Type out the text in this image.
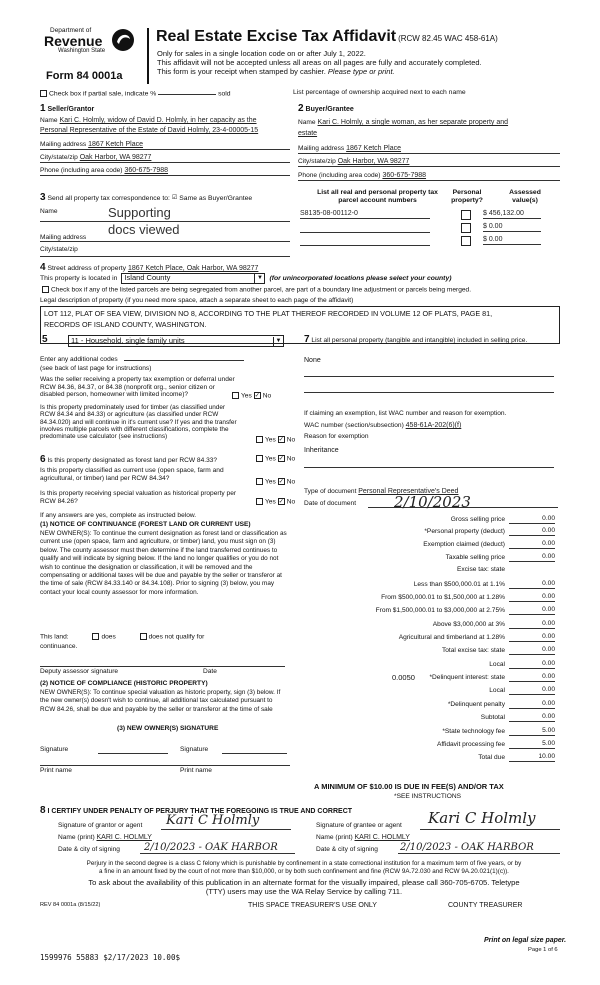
Department of
Revenue
Washington State
Form 84 0001a
Real Estate Excise Tax Affidavit (RCW 82.45 WAC 458-61A)
Only for sales in a single location code on or after July 1, 2022.
This affidavit will not be accepted unless all areas on all pages are fully and accurately completed.
This form is your receipt when stamped by cashier. Please type or print.
Check box if partial sale, indicate %	sold	List percentage of ownership acquired next to each name
1 Seller/Grantor
Name Kari C. Holmly, widow of David D. Holmly, in her capacity as the
Personal Representative of the Estate of David Holmly, 23-4-00005-15
Mailing address 1867 Ketch Place
City/state/zip Oak Harbor, WA 98277
Phone (including area code) 360-675-7988
2 Buyer/Grantee
Name Kari C. Holmly, a single woman, as her separate property and
estate
Mailing address 1867 Ketch Place
City/state/zip Oak Harbor, WA 98277
Phone (including area code) 360-675-7988
3 Send all property tax correspondence to: ☑ Same as Buyer/Grantee
Name	Supporting
Mailing address
docs viewed
City/state/zip
List all real and personal property tax
parcel account numbers
Personal
property?
Assessed
value(s)
S8135-08-00112-0	$ 456,132.00
$ 0.00
$ 0.00
4 Street address of property 1867 Ketch Place, Oak Harbor, WA 98277
This property is located in Island County	▼ (for unincorporated locations please select your county)
Check box if any of the listed parcels are being segregated from another parcel, are part of a boundary line adjustment or parcels being merged.
Legal description of property (if you need more space, attach a separate sheet to each page of the affidavit)
LOT 112, PLAT OF SEA VIEW, DIVISION NO 8, ACCORDING TO THE PLAT THEREOF RECORDED IN VOLUME 12 OF PLATS, PAGE 81,
RECORDS OF ISLAND COUNTY, WASHINGTON.
5	11 - Household, single family units	▼
Enter any additional codes
(see back of last page for instructions)
Was the seller receiving a property tax exemption or deferral under RCW 84.36, 84.37, or 84.38 (nonprofit org., senior citizen or disabled person, homeowner with limited income)?	Yes ✓ No
Is this property predominately used for timber (as classified under RCW 84.34 and 84.33) or agriculture (as classified under RCW 84.34.020) and will continue in it's current use? If yes and the transfer involves multiple parcels with different classifications, complete the predominate use calculator (see instructions)	Yes ✓ No
6 Is this property designated as forest land per RCW 84.33?	Yes ✓ No
Is this property classified as current use (open space, farm and agricultural, or timber) land per RCW 84.34?
Yes ✓ No
Is this property receiving special valuation as historical property per RCW 84.26?	Yes ✓ No
If any answers are yes, complete as instructed below.
(1) NOTICE OF CONTINUANCE (FOREST LAND OR CURRENT USE)
NEW OWNER(S): To continue the current designation as forest land or classification as current use (open space, farm and agriculture, or timber) land, you must sign on (3) below. The county assessor must then determine if the land transferred continues to qualify and will indicate by signing below. If the land no longer qualifies or you do not wish to continue the designation or classification, it will be removed and the compensating or additional taxes will be due and payable by the seller or transferor at the time of sale (RCW 84.33.140 or 84.34.108). Prior to signing (3) below, you may contact your local county assessor for more information.
This land:	does	does not qualify for
continuance.
Deputy assessor signature	Date
(2) NOTICE OF COMPLIANCE (HISTORIC PROPERTY)
NEW OWNER(S): To continue special valuation as historic property, sign (3) below. If the new owner(s) doesn't wish to continue, all additional tax calculated pursuant to RCW 84.26, shall be due and payable by the seller or transferor at the time of sale
(3) NEW OWNER(S) SIGNATURE
Signature	Signature
Print name	Print name
7 List all personal property (tangible and intangible) included in selling price.
None
If claiming an exemption, list WAC number and reason for exemption.
WAC number (section/subsection) 458-61A-202(6)(f)
Reason for exemption
Inheritance
Type of document Personal Representative's Deed
Date of document	2/10/2023
Gross selling price	0.00
*Personal property (deduct)	0.00
Exemption claimed (deduct)	0.00
Taxable selling price	0.00
Excise tax: state
Less than $500,000.01 at 1.1%	0.00
From $500,000.01 to $1,500,000 at 1.28%	0.00
From $1,500,000.01 to $3,000,000 at 2.75%	0.00
Above $3,000,000 at 3%	0.00
Agricultural and timberland at 1.28%	0.00
Total excise tax: state	0.00
Local	0.00
*Delinquent interest: state	0.00
Local	0.00
*Delinquent penalty	0.00
Subtotal	0.00
*State technology fee	5.00
Affidavit processing fee	5.00
Total due	10.00
0.0050
A MINIMUM OF $10.00 IS DUE IN FEE(S) AND/OR TAX
*SEE INSTRUCTIONS
8 I CERTIFY UNDER PENALTY OF PERJURY THAT THE FOREGOING IS TRUE AND CORRECT
Signature of grantor or agent Kari C Holmly
Name (print) KARI C. HOLMLY
Date & city of signing 2/10/2023 - OAK HARBOR
Signature of grantee or agent Kari C Holmly
Name (print) KARI C. HOLMLY
Date & city of signing 2/10/2023 - OAK HARBOR
Perjury in the second degree is a class C felony which is punishable by confinement in a state correctional institution for a maximum term of five years, or by
a fine in an amount fixed by the court of not more than $10,000, or by both such confinement and fine (RCW 9A.72.030 and RCW 9A.20.021(1)(c)).
To ask about the availability of this publication in an alternate format for the visually impaired, please call 360-705-6705. Teletype
(TTY) users may use the WA Relay Service by calling 711.
REV 84 0001a (8/15/22)	THIS SPACE TREASURER'S USE ONLY	COUNTY TREASURER
Print on legal size paper.
Page 1 of 6
1599976 55883 $2/17/2023 10.00$
